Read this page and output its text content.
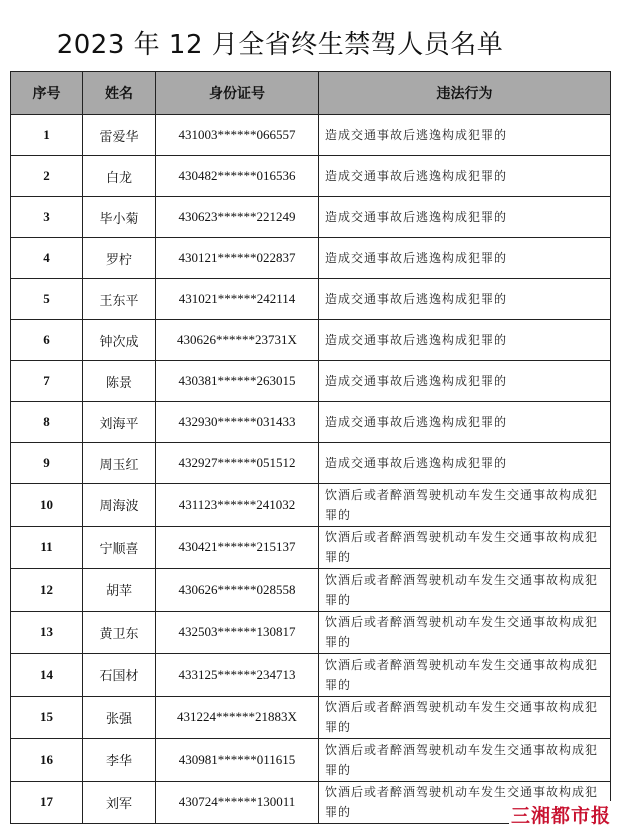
2023 年 12 月全省终生禁驾人员名单
序号	姓名	身份证号	违法行为
1	雷爱华	431003******066557	造成交通事故后逃逸构成犯罪的
2	白龙	430482******016536	造成交通事故后逃逸构成犯罪的
3	毕小菊	430623******221249	造成交通事故后逃逸构成犯罪的
4	罗柠	430121******022837	造成交通事故后逃逸构成犯罪的
5	王东平	431021******242114	造成交通事故后逃逸构成犯罪的
6	钟次成	430626******23731X	造成交通事故后逃逸构成犯罪的
7	陈景	430381******263015	造成交通事故后逃逸构成犯罪的
8	刘海平	432930******031433	造成交通事故后逃逸构成犯罪的
9	周玉红	432927******051512	造成交通事故后逃逸构成犯罪的
10	周海波	431123******241032	饮酒后或者醉酒驾驶机动车发生交通事故构成犯罪的
11	宁顺喜	430421******215137	饮酒后或者醉酒驾驶机动车发生交通事故构成犯罪的
12	胡苹	430626******028558	饮酒后或者醉酒驾驶机动车发生交通事故构成犯罪的
13	黄卫东	432503******130817	饮酒后或者醉酒驾驶机动车发生交通事故构成犯罪的
14	石国材	433125******234713	饮酒后或者醉酒驾驶机动车发生交通事故构成犯罪的
15	张强	431224******21883X	饮酒后或者醉酒驾驶机动车发生交通事故构成犯罪的
16	李华	430981******011615	饮酒后或者醉酒驾驶机动车发生交通事故构成犯罪的
17	刘军	430724******130011	饮酒后或者醉酒驾驶机动车发生交通事故构成犯罪的	三湘都市报
